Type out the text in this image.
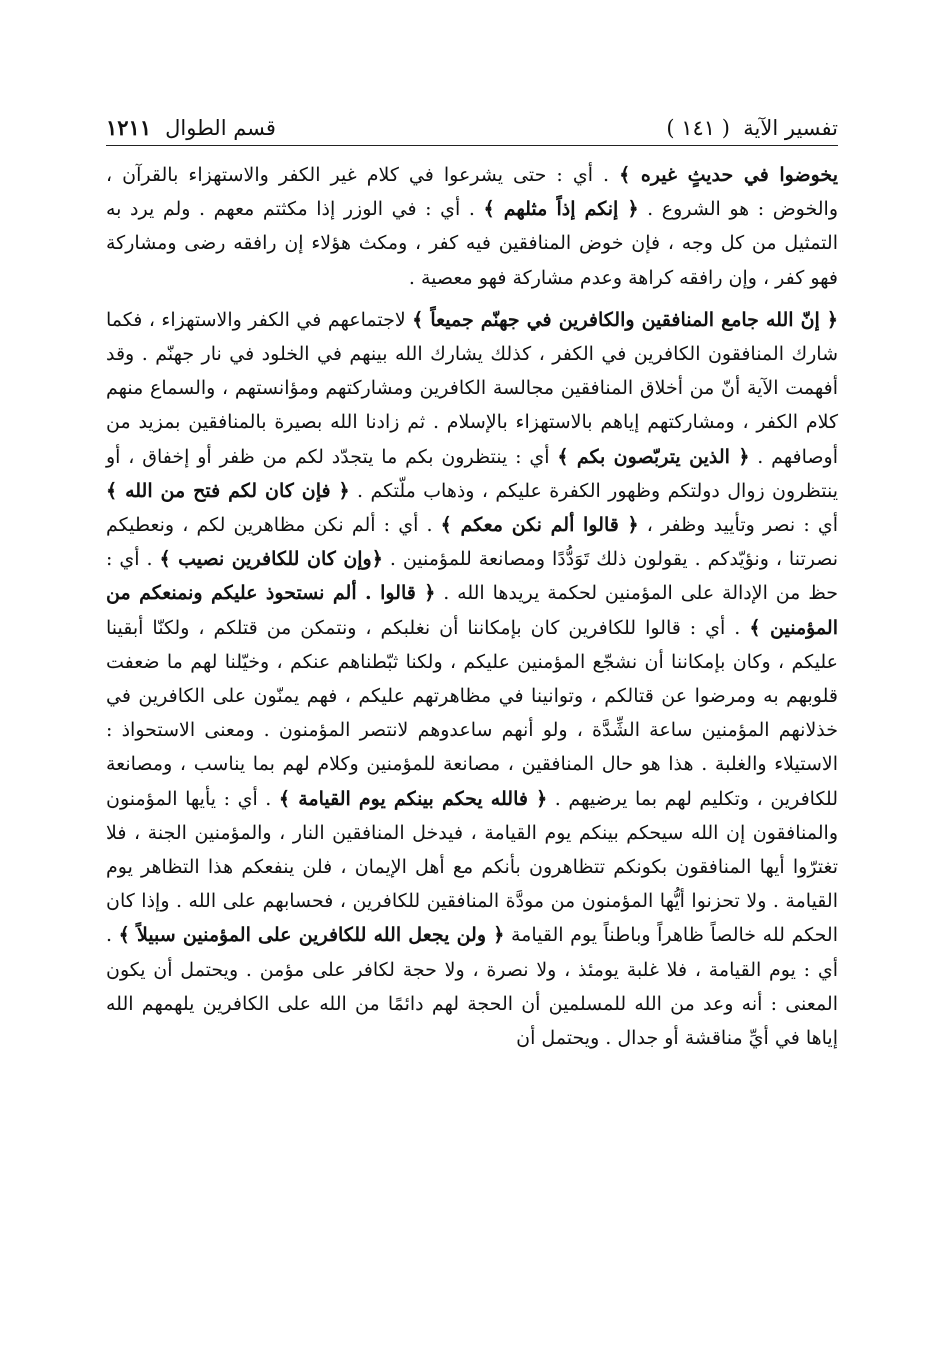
قسم الطوال١٢١١	تفسير الآية  ( ١٤١ )

يخوضوا في حديثٍ غيره ﴾ . أي : حتى يشرعوا في كلام غير الكفر والاستهزاء بالقرآن ، والخوض : هو الشروع . ﴿ إنكم إذاً مثلهم ﴾ . أي : في الوزر إذا مكثتم معهم . ولم يرد به التمثيل من كل وجه ، فإن خوض المنافقين فيه كفر ، ومكث هؤلاء إن رافقه رضى ومشاركة فهو كفر ، وإن رافقه كراهة وعدم مشاركة فهو معصية .

﴿ إنّ الله جامع المنافقين والكافرين في جهنّم جميعاً ﴾ لاجتماعهم في الكفر والاستهزاء ، فكما شارك المنافقون الكافرين في الكفر ، كذلك يشارك الله بينهم في الخلود في نار جهنّم . وقد أفهمت الآية أنّ من أخلاق المنافقين مجالسة الكافرين ومشاركتهم ومؤانستهم ، والسماع منهم كلام الكفر ، ومشاركتهم إياهم بالاستهزاء بالإسلام . ثم زادنا الله بصيرة بالمنافقين بمزيد من أوصافهم . ﴿ الذين يتربّصون بكم ﴾ أي : ينتظرون بكم ما يتجدّد لكم من ظفر أو إخفاق ، أو ينتظرون زوال دولتكم وظهور الكفرة عليكم ، وذهاب ملّتكم . ﴿ فإن كان لكم فتح من الله ﴾ أي : نصر وتأييد وظفر ، ﴿ قالوا ألم نكن معكم ﴾ . أي : ألم نكن مظاهرين لكم ، ونعطيكم نصرتنا ، ونؤيّدكم . يقولون ذلك تَوَدُّدًا ومصانعة للمؤمنين . ﴿وإن كان للكافرين نصيب ﴾ . أي : حظ من الإدالة على المؤمنين لحكمة يريدها الله . ﴿ قالوا . ألم نستحوذ عليكم ونمنعكم من المؤمنين ﴾ . أي : قالوا للكافرين كان بإمكاننا أن نغلبكم ، ونتمكن من قتلكم ، ولكنّا أبقينا عليكم ، وكان بإمكاننا أن نشجّع المؤمنين عليكم ، ولكنا ثبّطناهم عنكم ، وخيّلنا لهم ما ضعفت قلوبهم به ومرضوا عن قتالكم ، وتوانينا في مظاهرتهم عليكم ، فهم يمنّون على الكافرين في خذلانهم المؤمنين ساعة الشِّدَّة ، ولو أنهم ساعدوهم لانتصر المؤمنون . ومعنى الاستحواذ : الاستيلاء والغلبة . هذا هو حال المنافقين ، مصانعة للمؤمنين وكلام لهم بما يناسب ، ومصانعة للكافرين ، وتكليم لهم بما يرضيهم . ﴿ فالله يحكم بينكم يوم القيامة ﴾ . أي : يأيها المؤمنون والمنافقون إن الله سيحكم بينكم يوم القيامة ، فيدخل المنافقين النار ، والمؤمنين الجنة ، فلا تغترّوا أيها المنافقون بكونكم تتظاهرون بأنكم مع أهل الإيمان ، فلن ينفعكم هذا التظاهر يوم القيامة . ولا تحزنوا أيُّها المؤمنون من مودَّة المنافقين للكافرين ، فحسابهم على الله . وإذا كان الحكم لله خالصاً ظاهراً وباطناً يوم القيامة ﴿ ولن يجعل الله للكافرين على المؤمنين سبيلاً ﴾ . أي : يوم القيامة ، فلا غلبة يومئذ ، ولا نصرة ، ولا حجة لكافر على مؤمن . ويحتمل أن يكون المعنى : أنه وعد من الله للمسلمين أن الحجة لهم دائمًا من الله على الكافرين يلهمهم الله إياها في أيِّ مناقشة أو جدال . ويحتمل أن
